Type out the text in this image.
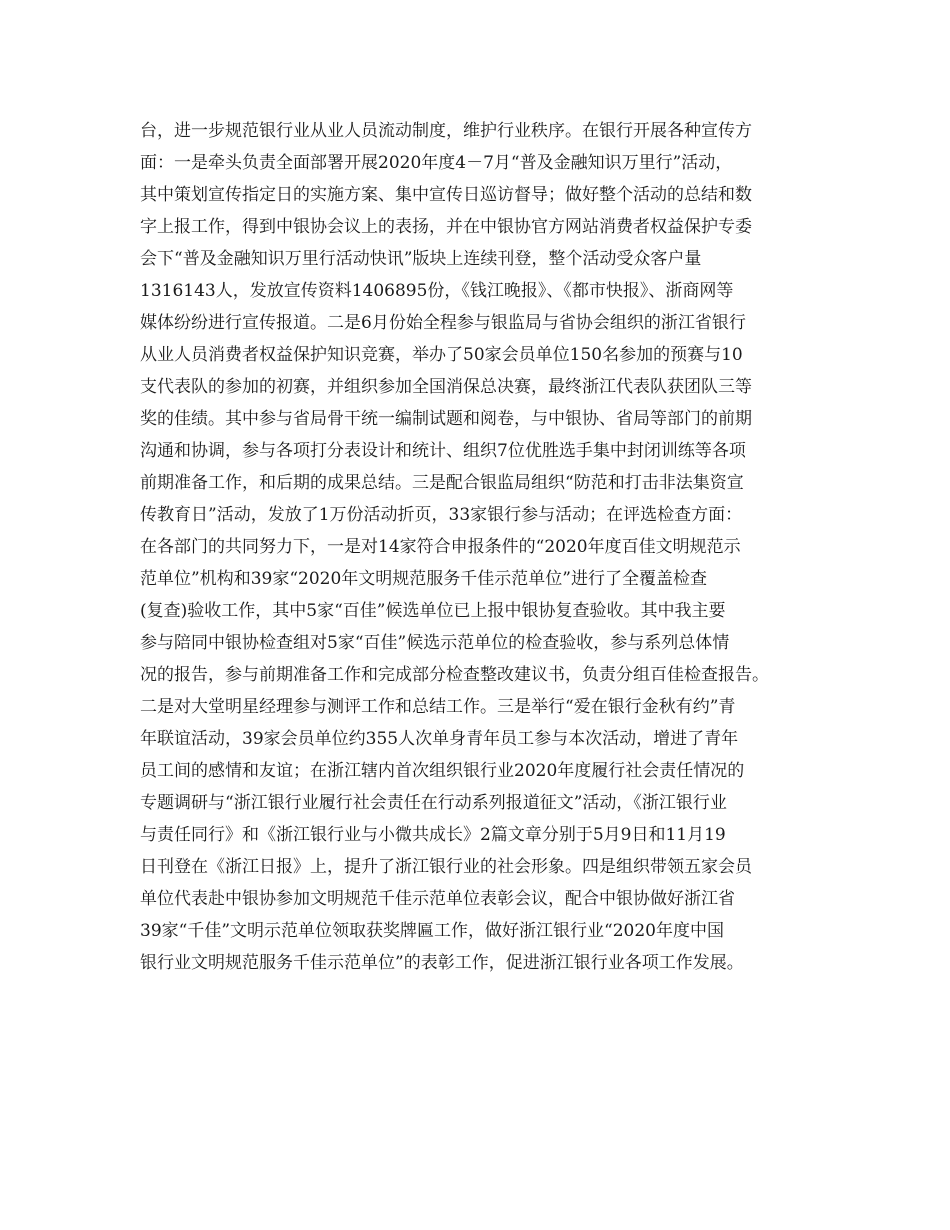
台，进一步规范银行业从业人员流动制度，维护行业秩序。在银行开展各种宣传方
面：一是牵头负责全面部署开展2020年度4－7月“普及金融知识万里行”活动，
其中策划宣传指定日的实施方案、集中宣传日巡访督导；做好整个活动的总结和数
字上报工作，得到中银协会议上的表扬，并在中银协官方网站消费者权益保护专委
会下“普及金融知识万里行活动快讯”版块上连续刊登，整个活动受众客户量
1316143人，发放宣传资料1406895份，《钱江晚报》、《都市快报》、浙商网等
媒体纷纷进行宣传报道。二是6月份始全程参与银监局与省协会组织的浙江省银行
从业人员消费者权益保护知识竞赛，举办了50家会员单位150名参加的预赛与10
支代表队的参加的初赛，并组织参加全国消保总决赛，最终浙江代表队获团队三等
奖的佳绩。其中参与省局骨干统一编制试题和阅卷，与中银协、省局等部门的前期
沟通和协调，参与各项打分表设计和统计、组织7位优胜选手集中封闭训练等各项
前期准备工作，和后期的成果总结。三是配合银监局组织“防范和打击非法集资宣
传教育日”活动，发放了1万份活动折页，33家银行参与活动；在评选检查方面：
在各部门的共同努力下，一是对14家符合申报条件的“2020年度百佳文明规范示
范单位”机构和39家“2020年文明规范服务千佳示范单位”进行了全覆盖检查
(复查)验收工作，其中5家“百佳”候选单位已上报中银协复查验收。其中我主要
参与陪同中银协检查组对5家“百佳”候选示范单位的检查验收，参与系列总体情
况的报告，参与前期准备工作和完成部分检查整改建议书，负责分组百佳检查报告。
二是对大堂明星经理参与测评工作和总结工作。三是举行“爱在银行金秋有约”青
年联谊活动，39家会员单位约355人次单身青年员工参与本次活动，增进了青年
员工间的感情和友谊；在浙江辖内首次组织银行业2020年度履行社会责任情况的
专题调研与“浙江银行业履行社会责任在行动系列报道征文”活动，《浙江银行业
与责任同行》和《浙江银行业与小微共成长》2篇文章分别于5月9日和11月19
日刊登在《浙江日报》上，提升了浙江银行业的社会形象。四是组织带领五家会员
单位代表赴中银协参加文明规范千佳示范单位表彰会议，配合中银协做好浙江省
39家“千佳”文明示范单位领取获奖牌匾工作，做好浙江银行业“2020年度中国
银行业文明规范服务千佳示范单位”的表彰工作，促进浙江银行业各项工作发展。
